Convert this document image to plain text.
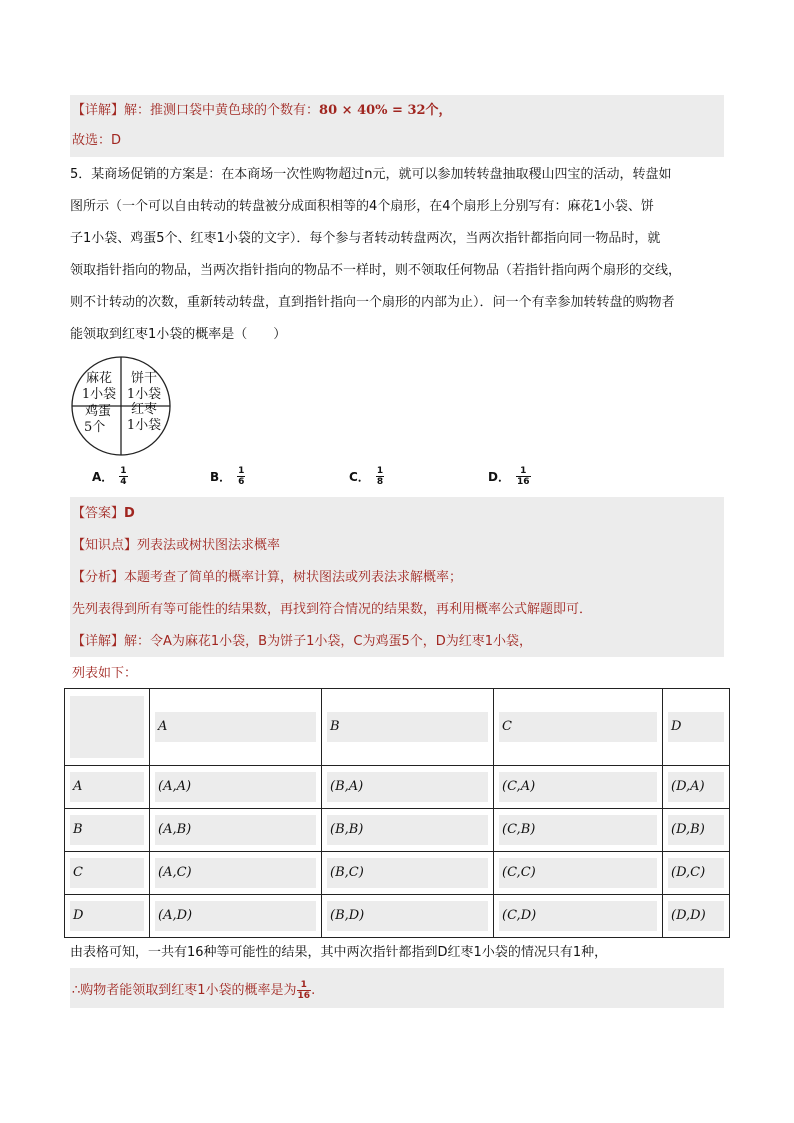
【详解】解：推测口袋中黄色球的个数有：80 × 40% = 32个，
故选：D
5．某商场促销的方案是：在本商场一次性购物超过n元，就可以参加转转盘抽取稷山四宝的活动，转盘如
图所示（一个可以自由转动的转盘被分成面积相等的4个扇形，在4个扇形上分别写有：麻花1小袋、饼
子1小袋、鸡蛋5个、红枣1小袋的文字）．每个参与者转动转盘两次，当两次指针都指向同一物品时，就
领取指针指向的物品，当两次指针指向的物品不一样时，则不领取任何物品（若指针指向两个扇形的交线，
则不计转动的次数，重新转动转盘，直到指针指向一个扇形的内部为止）．问一个有幸参加转转盘的购物者
能领取到红枣1小袋的概率是（　　）
麻花
1小袋
饼干
1小袋
鸡蛋
5个
红枣
1小袋
A． $\frac{1}{4}$	B． $\frac{1}{6}$	C． $\frac{1}{8}$	D． $\frac{1}{16}$
【答案】D
【知识点】列表法或树状图法求概率
【分析】本题考查了简单的概率计算，树状图法或列表法求解概率；
先列表得到所有等可能性的结果数，再找到符合情况的结果数，再利用概率公式解题即可．
【详解】解：令A为麻花1小袋，B为饼子1小袋，C为鸡蛋5个，D为红枣1小袋，
列表如下：

	A	B	C	D

A	(A,A)	(B,A)	(C,A)	(D,A)

B	(A,B)	(B,B)	(C,B)	(D,B)

C	(A,C)	(B,C)	(C,C)	(D,C)

D	(A,D)	(B,D)	(C,D)	(D,D)
由表格可知，一共有16种等可能性的结果，其中两次指针都指到D红枣1小袋的情况只有1种，
∴购物者能领取到红枣1小袋的概率是为 $\frac{1}{16}$ .
